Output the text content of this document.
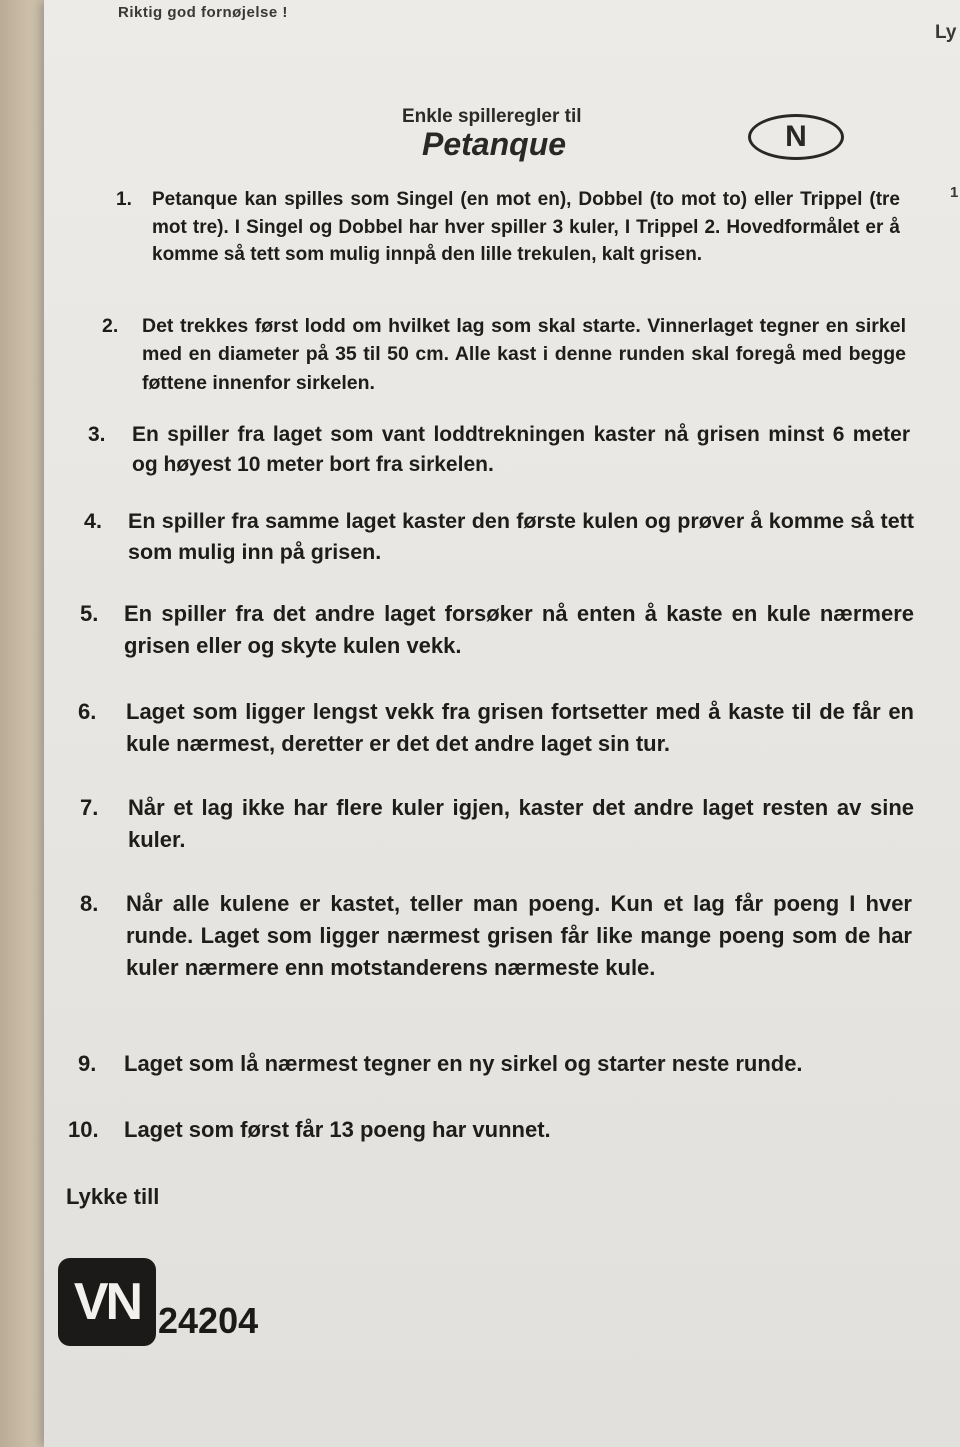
Riktig god fornøjelse !
Ly
1
Enkle spilleregler til
Petanque	N
1. Petanque kan spilles som Singel (en mot en), Dobbel (to mot to) eller Trippel (tre mot tre). I Singel og Dobbel har hver spiller 3 kuler, I Trippel 2. Hovedformålet er å komme så tett som mulig innpå den lille trekulen, kalt grisen.
2. Det trekkes først lodd om hvilket lag som skal starte. Vinnerlaget tegner en sirkel med en diameter på 35 til 50 cm. Alle kast i denne runden skal foregå med begge føttene innenfor sirkelen.
3. En spiller fra laget som vant loddtrekningen kaster nå grisen minst 6 meter og høyest 10 meter bort fra sirkelen.
4. En spiller fra samme laget kaster den første kulen og prøver å komme så tett som mulig inn på grisen.
5. En spiller fra det andre laget forsøker nå enten å kaste en kule nærmere grisen eller og skyte kulen vekk.
6. Laget som ligger lengst vekk fra grisen fortsetter med å kaste til de får en kule nærmest, deretter er det det andre laget sin tur.
7. Når et lag ikke har flere kuler igjen, kaster det andre laget resten av sine kuler.
8. Når alle kulene er kastet, teller man poeng. Kun et lag får poeng I hver runde. Laget som ligger nærmest grisen får like mange poeng som de har kuler nærmere enn motstanderens nærmeste kule.
9. Laget som lå nærmest tegner en ny sirkel og starter neste runde.
10. Laget som først får 13 poeng har vunnet.
Lykke till
VN 24204
